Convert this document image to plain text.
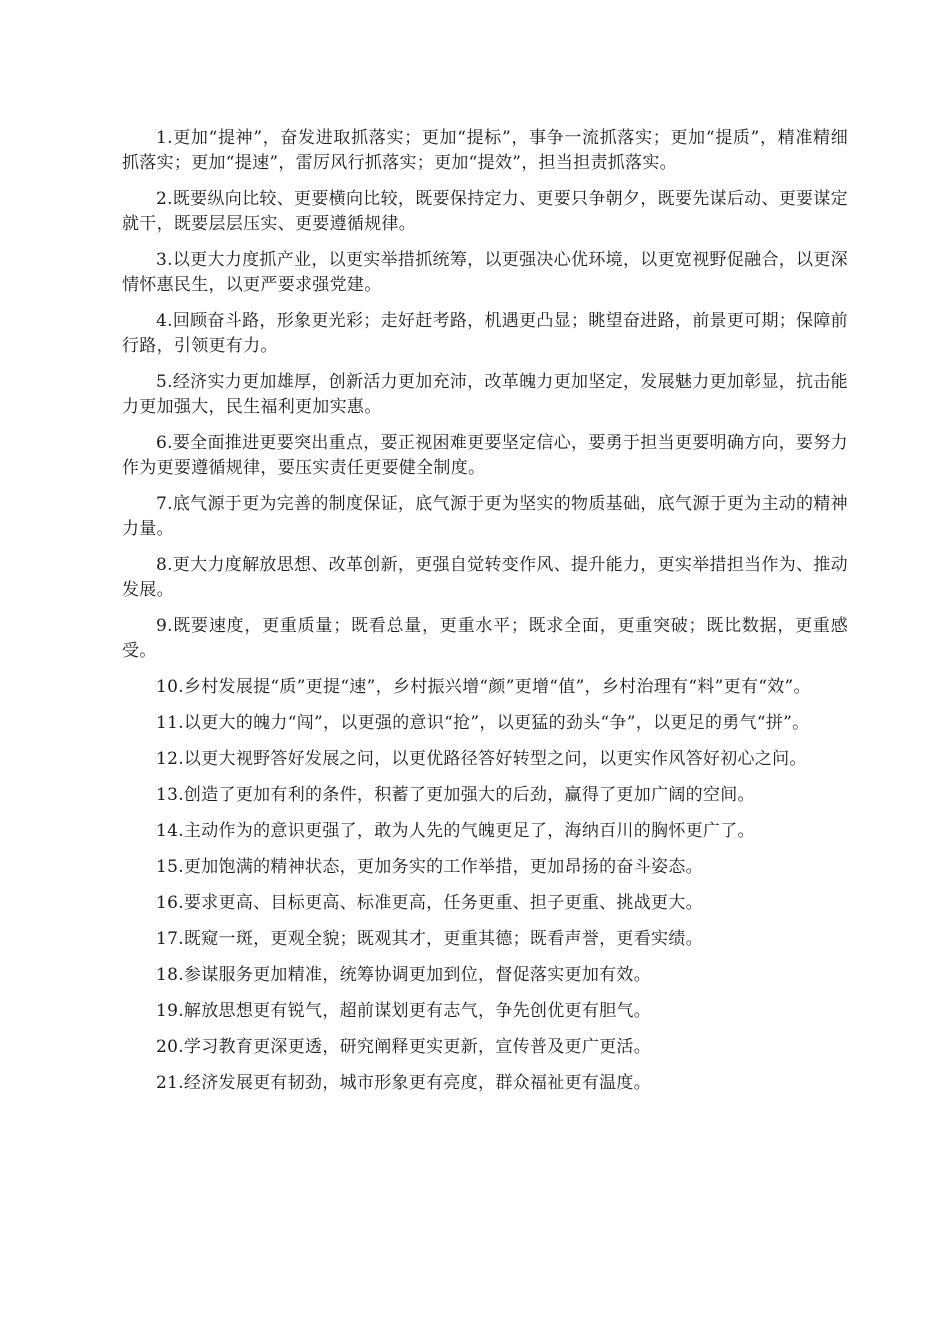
1.更加“提神”，奋发进取抓落实；更加“提标”，事争一流抓落实；更加“提质”，精准精细抓落实；更加“提速”，雷厉风行抓落实；更加“提效”，担当担责抓落实。

2.既要纵向比较、更要横向比较，既要保持定力、更要只争朝夕，既要先谋后动、更要谋定就干，既要层层压实、更要遵循规律。

3.以更大力度抓产业，以更实举措抓统筹，以更强决心优环境，以更宽视野促融合，以更深情怀惠民生，以更严要求强党建。

4.回顾奋斗路，形象更光彩；走好赶考路，机遇更凸显；眺望奋进路，前景更可期；保障前行路，引领更有力。

5.经济实力更加雄厚，创新活力更加充沛，改革魄力更加坚定，发展魅力更加彰显，抗击能力更加强大，民生福利更加实惠。

6.要全面推进更要突出重点，要正视困难更要坚定信心，要勇于担当更要明确方向，要努力作为更要遵循规律，要压实责任更要健全制度。

7.底气源于更为完善的制度保证，底气源于更为坚实的物质基础，底气源于更为主动的精神力量。

8.更大力度解放思想、改革创新，更强自觉转变作风、提升能力，更实举措担当作为、推动发展。

9.既要速度，更重质量；既看总量，更重水平；既求全面，更重突破；既比数据，更重感受。

10.乡村发展提“质”更提“速”，乡村振兴增“颜”更增“值”，乡村治理有“料”更有“效”。

11.以更大的魄力“闯”，以更强的意识“抢”，以更猛的劲头“争”，以更足的勇气“拼”。

12.以更大视野答好发展之问，以更优路径答好转型之问，以更实作风答好初心之问。

13.创造了更加有利的条件，积蓄了更加强大的后劲，赢得了更加广阔的空间。

14.主动作为的意识更强了，敢为人先的气魄更足了，海纳百川的胸怀更广了。

15.更加饱满的精神状态，更加务实的工作举措，更加昂扬的奋斗姿态。

16.要求更高、目标更高、标准更高，任务更重、担子更重、挑战更大。

17.既窥一斑，更观全貌；既观其才，更重其德；既看声誉，更看实绩。

18.参谋服务更加精准，统筹协调更加到位，督促落实更加有效。

19.解放思想更有锐气，超前谋划更有志气，争先创优更有胆气。

20.学习教育更深更透，研究阐释更实更新，宣传普及更广更活。

21.经济发展更有韧劲，城市形象更有亮度，群众福祉更有温度。
